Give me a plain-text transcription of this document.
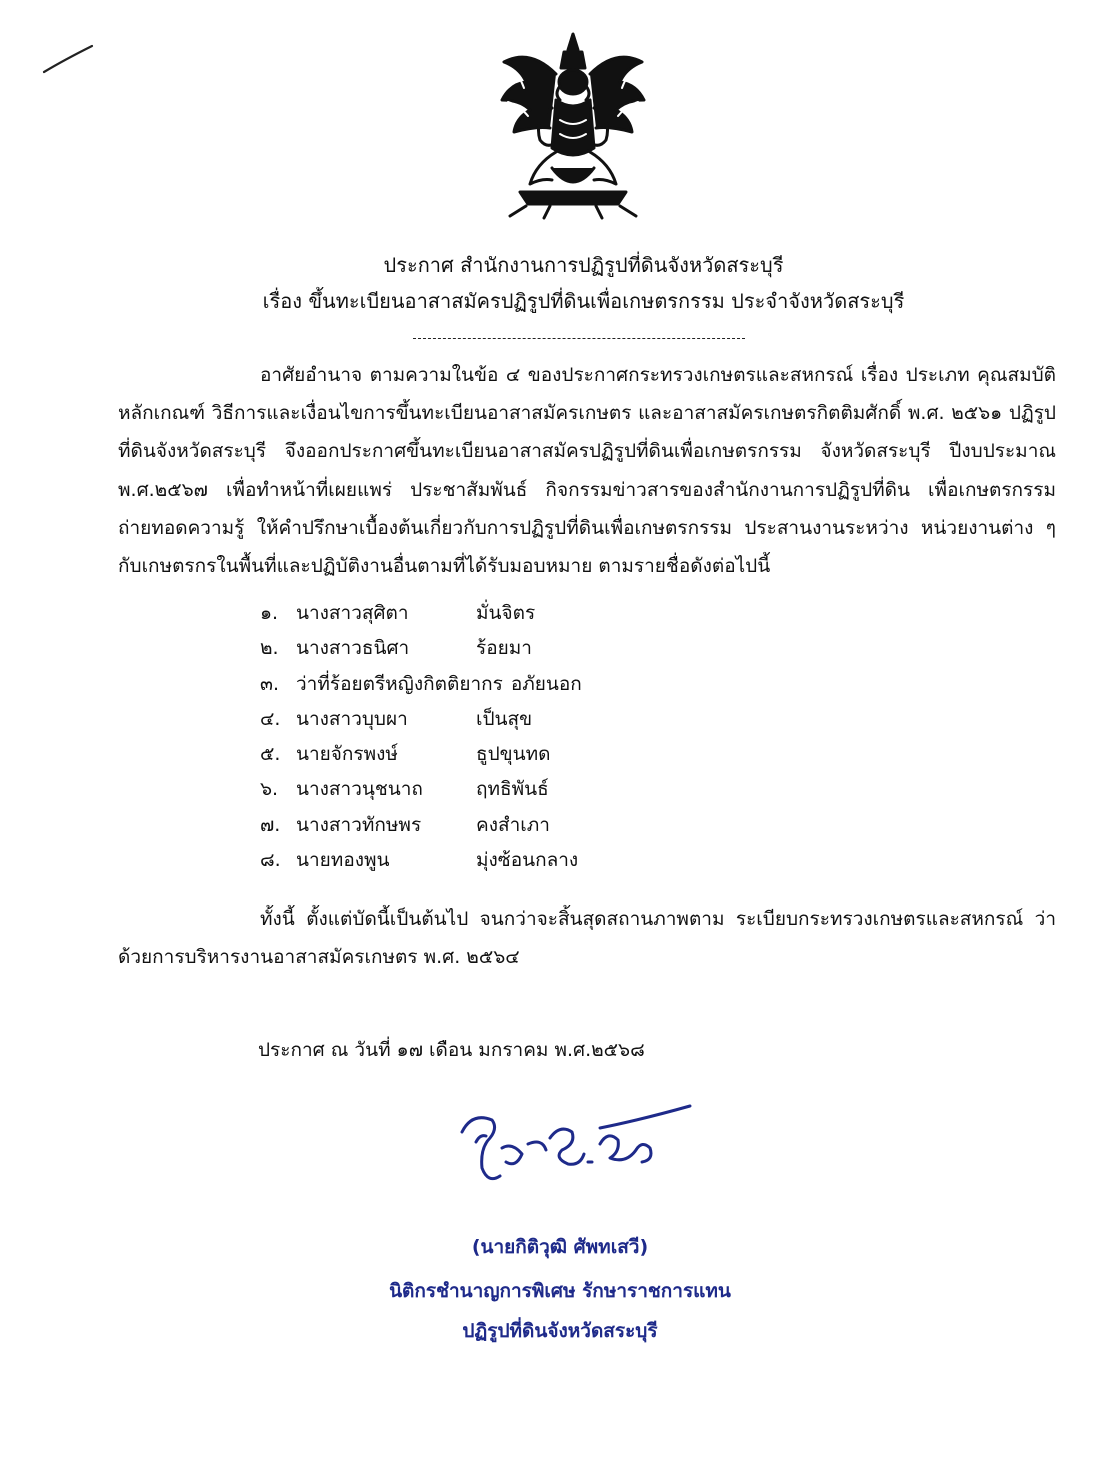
ประกาศ สำนักงานการปฏิรูปที่ดินจังหวัดสระบุรี
เรื่อง ขึ้นทะเบียนอาสาสมัครปฏิรูปที่ดินเพื่อเกษตรกรรม ประจำจังหวัดสระบุรี
อาศัยอำนาจ ตามความในข้อ ๔ ของประกาศกระทรวงเกษตรและสหกรณ์ เรื่อง ประเภท คุณสมบัติ หลักเกณฑ์ วิธีการและเงื่อนไขการขึ้นทะเบียนอาสาสมัครเกษตร และอาสาสมัครเกษตรกิตติมศักดิ์ พ.ศ. ๒๕๖๑ ปฏิรูปที่ดินจังหวัดสระบุรี จึงออกประกาศขึ้นทะเบียนอาสาสมัครปฏิรูปที่ดินเพื่อเกษตรกรรม จังหวัดสระบุรี ปีงบประมาณ พ.ศ.๒๕๖๗ เพื่อทำหน้าที่เผยแพร่ ประชาสัมพันธ์ กิจกรรมข่าวสารของสำนักงานการปฏิรูปที่ดิน เพื่อเกษตรกรรม ถ่ายทอดความรู้ ให้คำปรึกษาเบื้องต้นเกี่ยวกับการปฏิรูปที่ดินเพื่อเกษตรกรรม ประสานงานระหว่าง หน่วยงานต่าง ๆ กับเกษตรกรในพื้นที่และปฏิบัติงานอื่นตามที่ได้รับมอบหมาย ตามรายชื่อดังต่อไปนี้
๑. นางสาวสุศิตา	มั่นจิตร
๒. นางสาวธนิศา	ร้อยมา
๓. ว่าที่ร้อยตรีหญิงกิตติยากร อภัยนอก
๔. นางสาวบุบผา	เป็นสุข
๕. นายจักรพงษ์	ธูปขุนทด
๖. นางสาวนุชนาถ	ฤทธิพันธ์
๗. นางสาวทักษพร	คงสำเภา
๘. นายทองพูน	มุ่งซ้อนกลาง
ทั้งนี้ ตั้งแต่บัดนี้เป็นต้นไป จนกว่าจะสิ้นสุดสถานภาพตาม ระเบียบกระทรวงเกษตรและสหกรณ์ ว่าด้วยการบริหารงานอาสาสมัครเกษตร พ.ศ. ๒๕๖๔
ประกาศ ณ วันที่ ๑๗ เดือน มกราคม พ.ศ.๒๕๖๘
(นายกิติวุฒิ ศัพทเสวี)
นิติกรชำนาญการพิเศษ รักษาราชการแทน
ปฏิรูปที่ดินจังหวัดสระบุรี
